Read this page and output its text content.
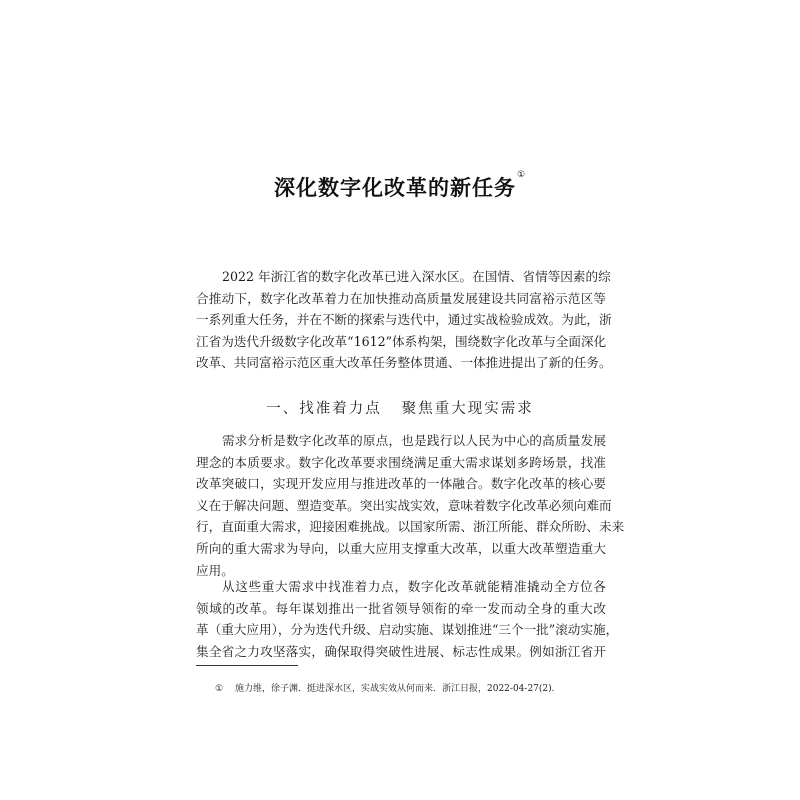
深化数字化改革的新任务①
2022 年浙江省的数字化改革已进入深水区。在国情、省情等因素的综
合推动下，数字化改革着力在加快推动高质量发展建设共同富裕示范区等
一系列重大任务，并在不断的探索与迭代中，通过实战检验成效。为此，浙
江省为迭代升级数字化改革“1612”体系构架，围绕数字化改革与全面深化
改革、共同富裕示范区重大改革任务整体贯通、一体推进提出了新的任务。
一、找准着力点 聚焦重大现实需求
需求分析是数字化改革的原点，也是践行以人民为中心的高质量发展
理念的本质要求。数字化改革要求围绕满足重大需求谋划多跨场景，找准
改革突破口，实现开发应用与推进改革的一体融合。数字化改革的核心要
义在于解决问题、塑造变革。突出实战实效，意味着数字化改革必须向难而
行，直面重大需求，迎接困难挑战。以国家所需、浙江所能、群众所盼、未来
所向的重大需求为导向，以重大应用支撑重大改革，以重大改革塑造重大
应用。
从这些重大需求中找准着力点，数字化改革就能精准撬动全方位各
领域的改革。每年谋划推出一批省领导领衔的牵一发而动全身的重大改
革（重大应用），分为迭代升级、启动实施、谋划推进“三个一批”滚动实施，
集全省之力攻坚落实，确保取得突破性进展、标志性成果。例如浙江省开
① 施力维，徐子渊．挺进深水区，实战实效从何而来．浙江日报，2022-04-27(2).
